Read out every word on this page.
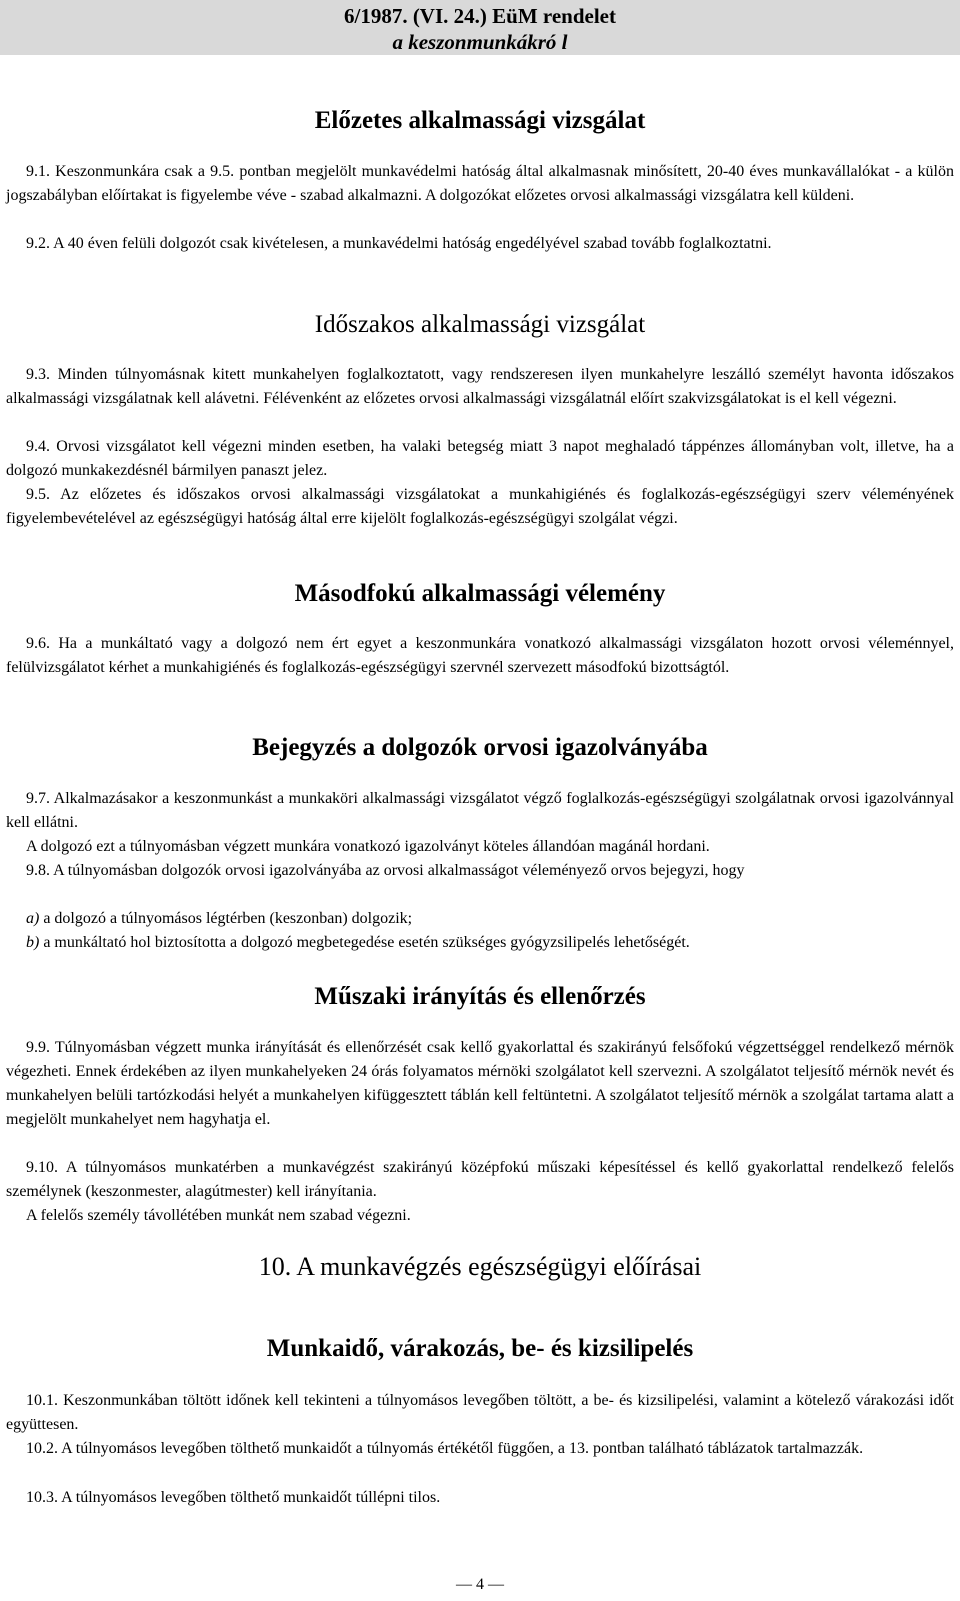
6/1987. (VI. 24.) EüM rendelet
a keszonmunkákró l
Előzetes alkalmassági vizsgálat

9.1. Keszonmunkára csak a 9.5. pontban megjelölt munkavédelmi hatóság által alkalmasnak minősített, 20-40 éves munkavállalókat - a külön jogszabályban előírtakat is figyelembe véve - szabad alkalmazni. A dolgozókat előzetes orvosi alkalmassági vizsgálatra kell küldeni.

9.2. A 40 éven felüli dolgozót csak kivételesen, a munkavédelmi hatóság engedélyével szabad tovább foglalkoztatni.

Időszakos alkalmassági vizsgálat

9.3. Minden túlnyomásnak kitett munkahelyen foglalkoztatott, vagy rendszeresen ilyen munkahelyre leszálló személyt havonta időszakos alkalmassági vizsgálatnak kell alávetni. Félévenként az előzetes orvosi alkalmassági vizsgálatnál előírt szakvizsgálatokat is el kell végezni.

9.4. Orvosi vizsgálatot kell végezni minden esetben, ha valaki betegség miatt 3 napot meghaladó táppénzes állományban volt, illetve, ha a dolgozó munkakezdésnél bármilyen panaszt jelez.

9.5. Az előzetes és időszakos orvosi alkalmassági vizsgálatokat a munkahigiénés és foglalkozás-egészségügyi szerv véleményének figyelembevételével az egészségügyi hatóság által erre kijelölt foglalkozás-egészségügyi szolgálat végzi.

Másodfokú alkalmassági vélemény

9.6. Ha a munkáltató vagy a dolgozó nem ért egyet a keszonmunkára vonatkozó alkalmassági vizsgálaton hozott orvosi véleménnyel, felülvizsgálatot kérhet a munkahigiénés és foglalkozás-egészségügyi szervnél szervezett másodfokú bizottságtól.

Bejegyzés a dolgozók orvosi igazolványába

9.7. Alkalmazásakor a keszonmunkást a munkaköri alkalmassági vizsgálatot végző foglalkozás-egészségügyi szolgálatnak orvosi igazolvánnyal kell ellátni.

A dolgozó ezt a túlnyomásban végzett munkára vonatkozó igazolványt köteles állandóan magánál hordani.

9.8. A túlnyomásban dolgozók orvosi igazolványába az orvosi alkalmasságot véleményező orvos bejegyzi, hogy

a) a dolgozó a túlnyomásos légtérben (keszonban) dolgozik;

b) a munkáltató hol biztosította a dolgozó megbetegedése esetén szükséges gyógyzsilipelés lehetőségét.

Műszaki irányítás és ellenőrzés

9.9. Túlnyomásban végzett munka irányítását és ellenőrzését csak kellő gyakorlattal és szakirányú felsőfokú végzettséggel rendelkező mérnök végezheti. Ennek érdekében az ilyen munkahelyeken 24 órás folyamatos mérnöki szolgálatot kell szervezni. A szolgálatot teljesítő mérnök nevét és munkahelyen belüli tartózkodási helyét a munkahelyen kifüggesztett táblán kell feltüntetni. A szolgálatot teljesítő mérnök a szolgálat tartama alatt a megjelölt munkahelyet nem hagyhatja el.

9.10. A túlnyomásos munkatérben a munkavégzést szakirányú középfokú műszaki képesítéssel és kellő gyakorlattal rendelkező felelős személynek (keszonmester, alagútmester) kell irányítania.

A felelős személy távollétében munkát nem szabad végezni.

10. A munkavégzés egészségügyi előírásai
Munkaidő, várakozás, be- és kizsilipelés

10.1. Keszonmunkában töltött időnek kell tekinteni a túlnyomásos levegőben töltött, a be- és kizsilipelési, valamint a kötelező várakozási időt együttesen.

10.2. A túlnyomásos levegőben tölthető munkaidőt a túlnyomás értékétől függően, a 13. pontban található táblázatok tartalmazzák.

10.3. A túlnyomásos levegőben tölthető munkaidőt túllépni tilos.

— 4 —
